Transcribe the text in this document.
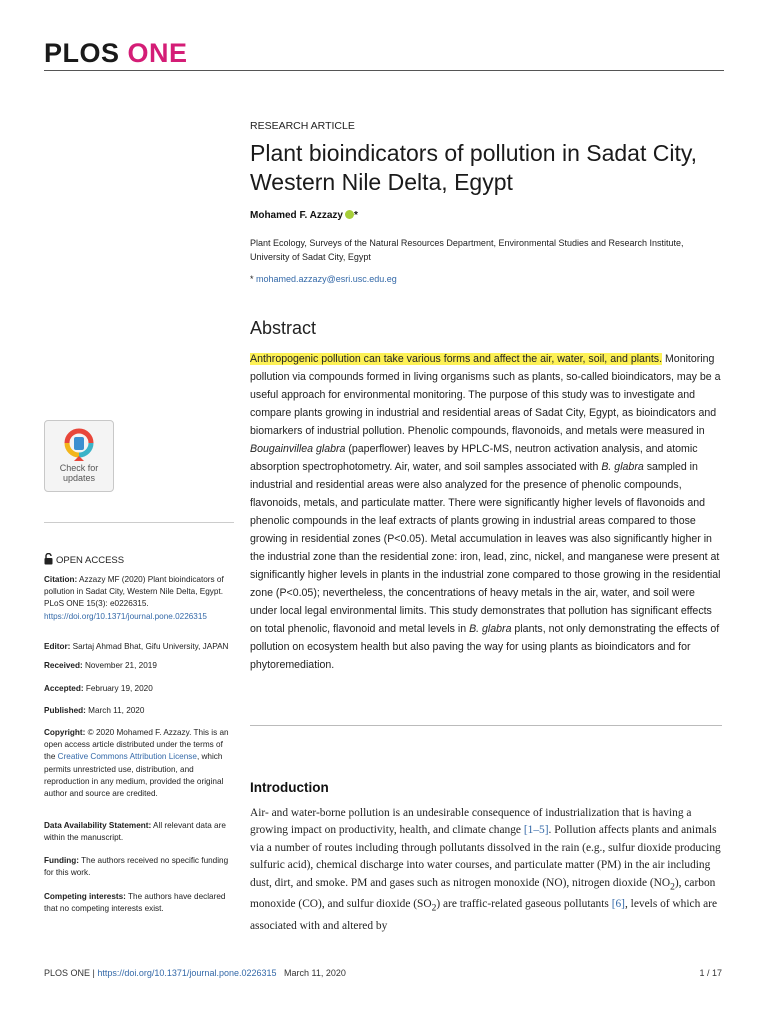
PLOS ONE
RESEARCH ARTICLE
Plant bioindicators of pollution in Sadat City, Western Nile Delta, Egypt
Mohamed F. Azzazy *
Plant Ecology, Surveys of the Natural Resources Department, Environmental Studies and Research Institute, University of Sadat City, Egypt
* mohamed.azzazy@esri.usc.edu.eg
Abstract

Anthropogenic pollution can take various forms and affect the air, water, soil, and plants. Monitoring pollution via compounds formed in living organisms such as plants, so-called bioindicators, may be a useful approach for environmental monitoring. The purpose of this study was to investigate and compare plants growing in industrial and residential areas of Sadat City, Egypt, as bioindicators and biomarkers of industrial pollution. Phenolic compounds, flavonoids, and metals were measured in Bougainvillea glabra (paperflower) leaves by HPLC-MS, neutron activation analysis, and atomic absorption spectrophotometry. Air, water, and soil samples associated with B. glabra sampled in industrial and residential areas were also analyzed for the presence of phenolic compounds, flavonoids, metals, and particulate matter. There were significantly higher levels of flavonoids and phenolic compounds in the leaf extracts of plants growing in industrial areas compared to those growing in residential zones (P<0.05). Metal accumulation in leaves was also significantly higher in the industrial zone than the residential zone: iron, lead, zinc, nickel, and manganese were present at significantly higher levels in plants in the industrial zone compared to those growing in the residential zone (P<0.05); nevertheless, the concentrations of heavy metals in the air, water, and soil were under local legal environmental limits. This study demonstrates that pollution has significant effects on total phenolic, flavonoid and metal levels in B. glabra plants, not only demonstrating the effects of pollution on ecosystem health but also paving the way for using plants as bioindicators and for phytoremediation.

Introduction

Air- and water-borne pollution is an undesirable consequence of industrialization that is having a growing impact on productivity, health, and climate change [1–5]. Pollution affects plants and animals via a number of routes including through pollutants dissolved in the rain (e.g., sulfur dioxide producing sulfuric acid), chemical discharge into water courses, and particulate matter (PM) in the air including dust, dirt, and smoke. PM and gases such as nitrogen monoxide (NO), nitrogen dioxide $(NO_2)$, carbon monoxide (CO), and sulfur dioxide $(SO_2)$ are traffic-related gaseous pollutants [6], levels of which are associated with and altered by

Check for
updates
OPEN ACCESS
Citation: Azzazy MF (2020) Plant bioindicators of pollution in Sadat City, Western Nile Delta, Egypt. PLoS ONE 15(3): e0226315. https://doi.org/10.1371/journal.pone.0226315
Editor: Sartaj Ahmad Bhat, Gifu University, JAPAN
Received: November 21, 2019
Accepted: February 19, 2020
Published: March 11, 2020
Copyright: © 2020 Mohamed F. Azzazy. This is an open access article distributed under the terms of the Creative Commons Attribution License, which permits unrestricted use, distribution, and reproduction in any medium, provided the original author and source are credited.
Data Availability Statement: All relevant data are within the manuscript.
Funding: The authors received no specific funding for this work.
Competing interests: The authors have declared that no competing interests exist.
PLOS ONE | https://doi.org/10.1371/journal.pone.0226315 March 11, 2020	1 / 17
